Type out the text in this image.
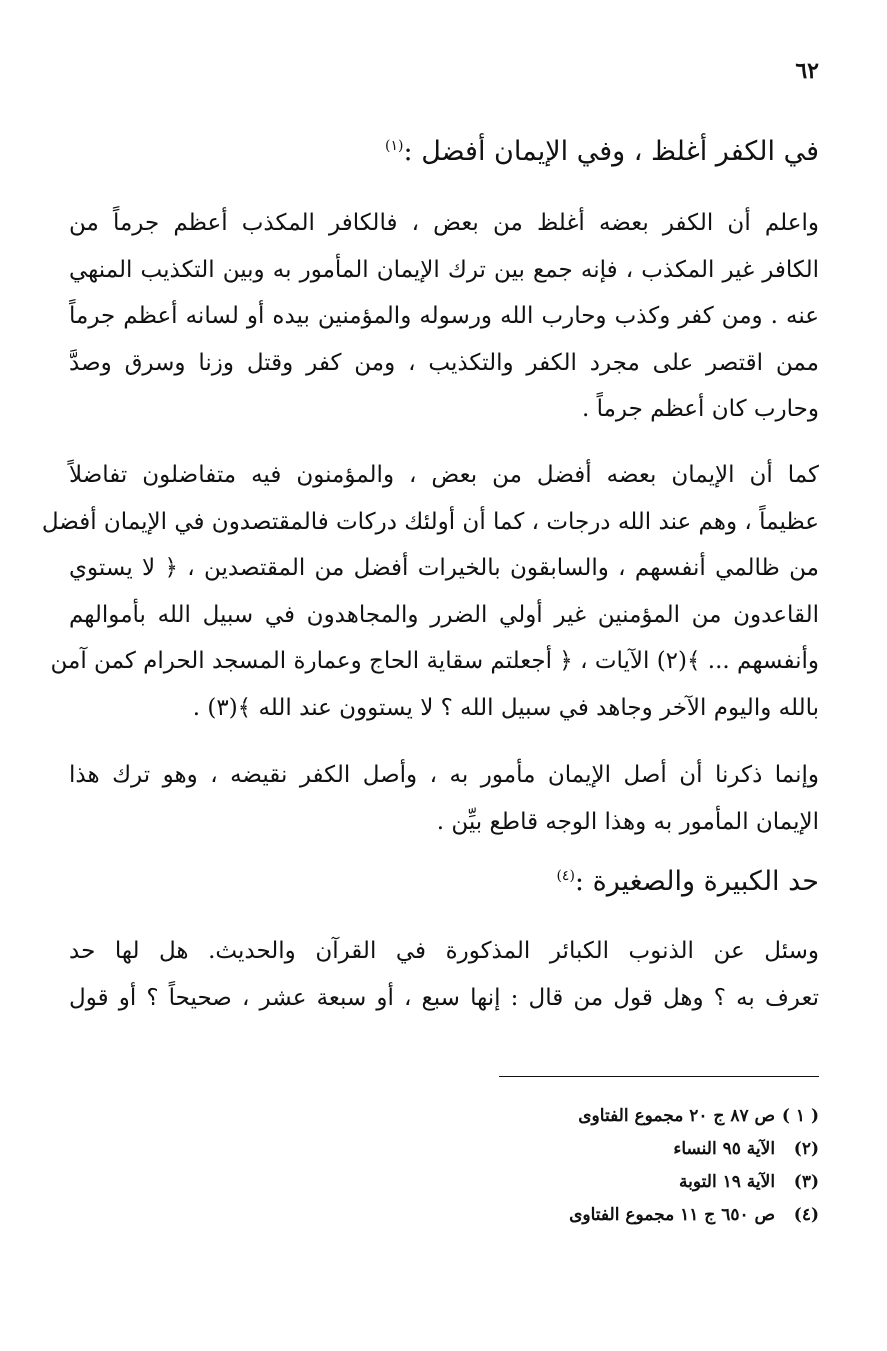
٦٢
في الكفر أغلظ ، وفي الإيمان أفضل :$^{(١)}$
واعلم أن الكفر بعضه أغلظ من بعض ، فالكافر المكذب أعظم جرماً من
الكافر غير المكذب ، فإنه جمع بين ترك الإيمان المأمور به وبين التكذيب المنهي
عنه . ومن كفر وكذب وحارب الله ورسوله والمؤمنين بيده أو لسانه أعظم جرماً
ممن اقتصر على مجرد الكفر والتكذيب ، ومن كفر وقتل وزنا وسرق وصدَّ
وحارب كان أعظم جرماً .
كما أن الإيمان بعضه أفضل من بعض ، والمؤمنون فيه متفاضلون تفاضلاً
عظيماً ، وهم عند الله درجات ، كما أن أولئك دركات فالمقتصدون في الإيمان أفضل
من ظالمي أنفسهم ، والسابقون بالخيرات أفضل من المقتصدين ، ﴿ لا يستوي
القاعدون من المؤمنين غير أولي الضرر والمجاهدون في سبيل الله بأموالهم
وأنفسهم ... ﴾(٢) الآيات ، ﴿ أجعلتم سقاية الحاج وعمارة المسجد الحرام كمن آمن
بالله واليوم الآخر وجاهد في سبيل الله ؟ لا يستوون عند الله ﴾(٣) .
وإنما ذكرنا أن أصل الإيمان مأمور به ، وأصل الكفر نقيضه ، وهو ترك هذا
الإيمان المأمور به وهذا الوجه قاطع بيِّن .
حد الكبيرة والصغيرة :$^{(٤)}$
وسئل عن الذنوب الكبائر المذكورة في القرآن والحديث. هل لها حد
تعرف به ؟ وهل قول من قال : إنها سبع ، أو سبعة عشر ، صحيحاً ؟ أو قول
( ١ ) ص ٨٧ ج ٢٠ مجموع الفتاوى
(٢) الآية ٩٥ النساء
(٣) الآية ١٩ التوبة
(٤) ص ٦٥٠ ج ١١ مجموع الفتاوى
